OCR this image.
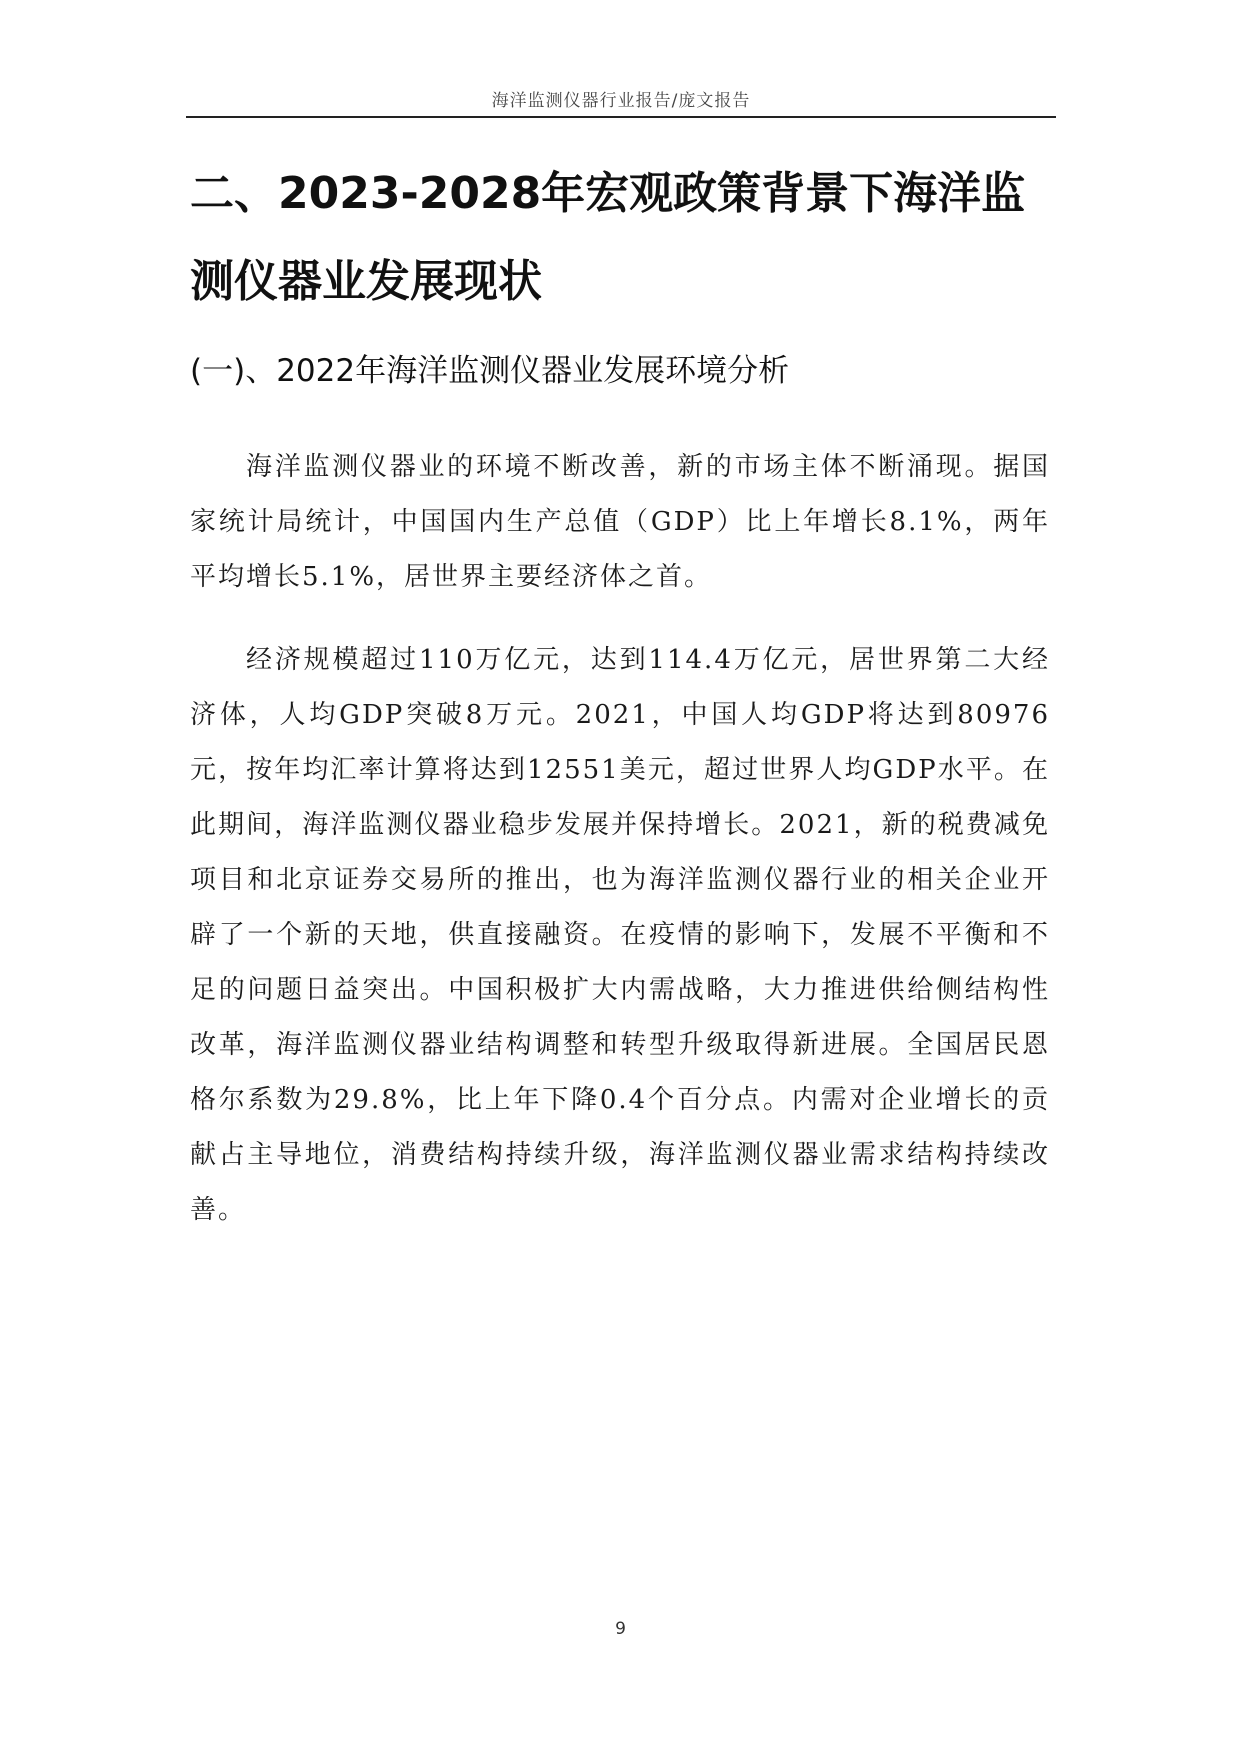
海洋监测仪器行业报告/庞文报告
二、2023-2028年宏观政策背景下海洋监测仪器业发展现状
(一)、2022年海洋监测仪器业发展环境分析

海洋监测仪器业的环境不断改善，新的市场主体不断涌现。据国家统计局统计，中国国内生产总值（GDP）比上年增长8.1%，两年平均增长5.1%，居世界主要经济体之首。

经济规模超过110万亿元，达到114.4万亿元，居世界第二大经济体，人均GDP突破8万元。2021，中国人均GDP将达到80976元，按年均汇率计算将达到12551美元，超过世界人均GDP水平。在此期间，海洋监测仪器业稳步发展并保持增长。2021，新的税费减免项目和北京证券交易所的推出，也为海洋监测仪器行业的相关企业开辟了一个新的天地，供直接融资。在疫情的影响下，发展不平衡和不足的问题日益突出。中国积极扩大内需战略，大力推进供给侧结构性改革，海洋监测仪器业结构调整和转型升级取得新进展。全国居民恩格尔系数为29.8%，比上年下降0.4个百分点。内需对企业增长的贡献占主导地位，消费结构持续升级，海洋监测仪器业需求结构持续改善。

9
